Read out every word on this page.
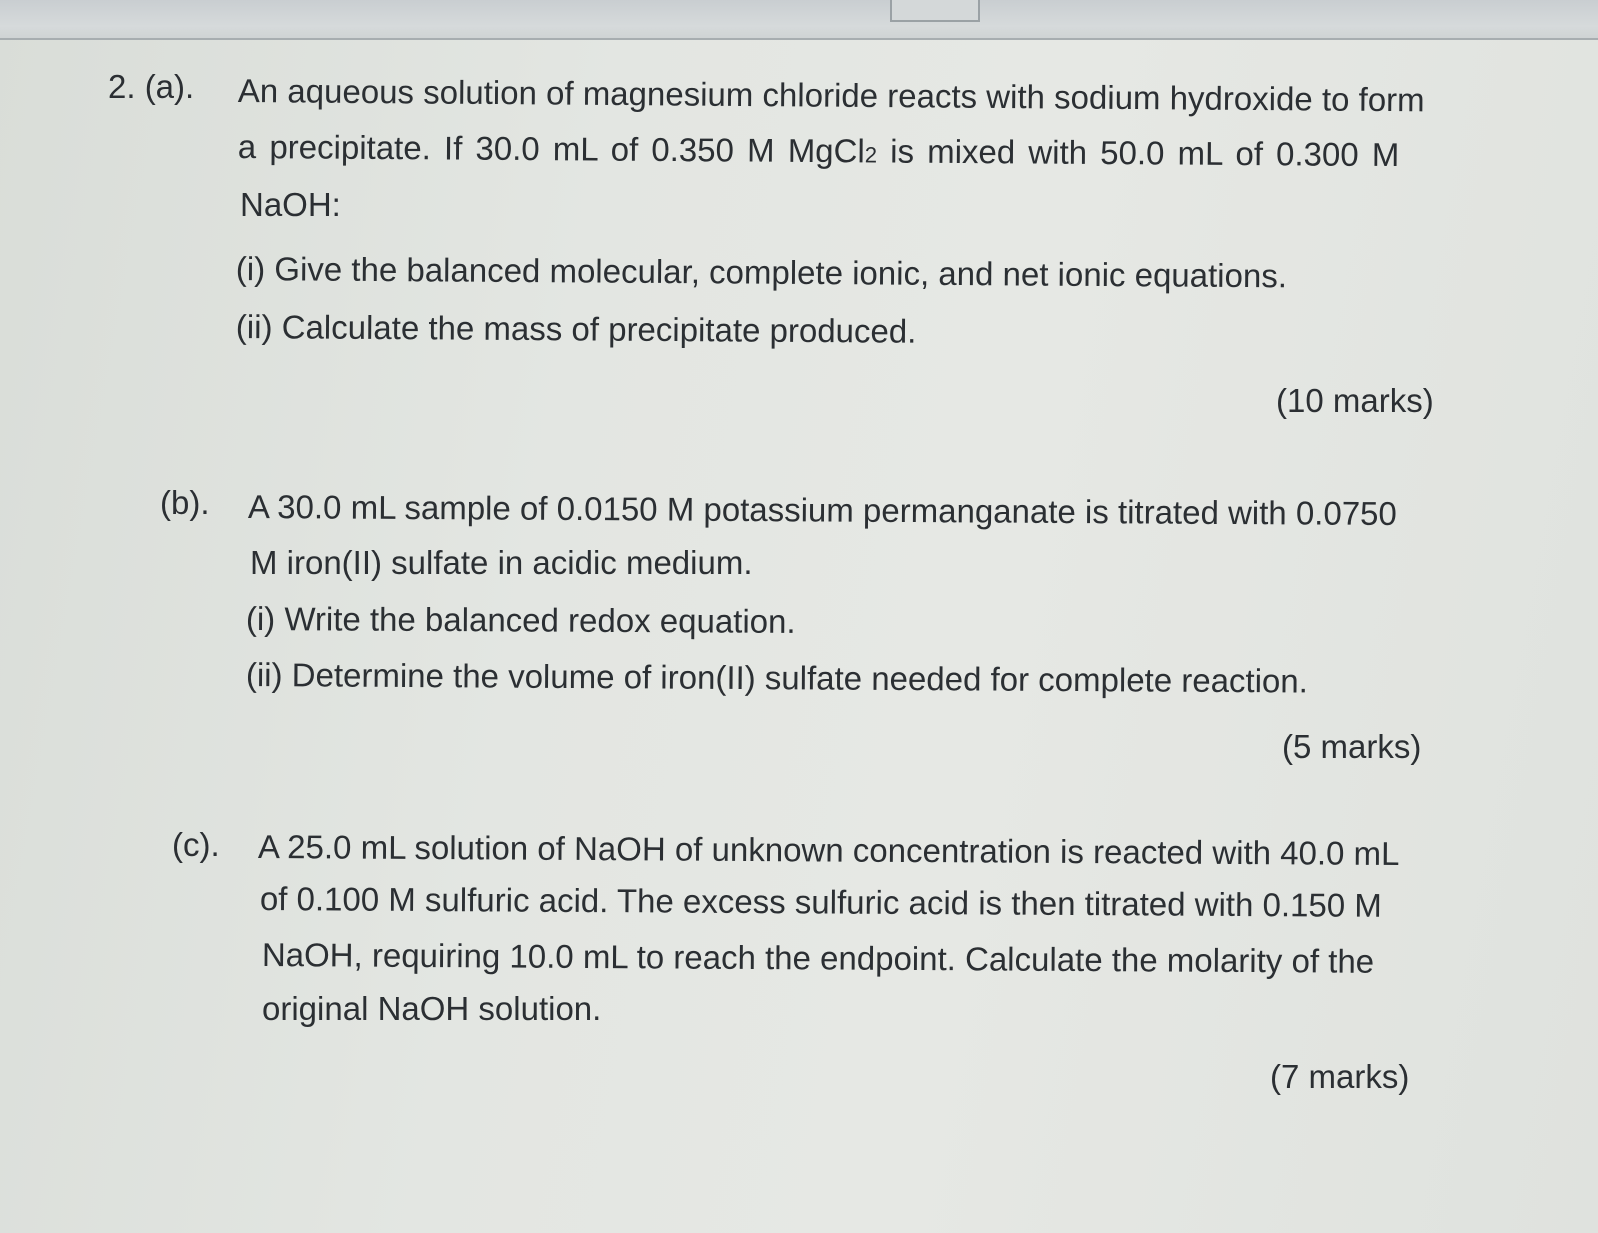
2. (a). An aqueous solution of magnesium chloride reacts with sodium hydroxide to form
a precipitate. If 30.0 mL of 0.350 M MgCl2 is mixed with 50.0 mL of 0.300 M
NaOH:
(i) Give the balanced molecular, complete ionic, and net ionic equations.
(ii) Calculate the mass of precipitate produced.
(10 marks)
(b). A 30.0 mL sample of 0.0150 M potassium permanganate is titrated with 0.0750
M iron(II) sulfate in acidic medium.
(i) Write the balanced redox equation.
(ii) Determine the volume of iron(II) sulfate needed for complete reaction.
(5 marks)
(c). A 25.0 mL solution of NaOH of unknown concentration is reacted with 40.0 mL
of 0.100 M sulfuric acid. The excess sulfuric acid is then titrated with 0.150 M
NaOH, requiring 10.0 mL to reach the endpoint. Calculate the molarity of the
original NaOH solution.
(7 marks)
